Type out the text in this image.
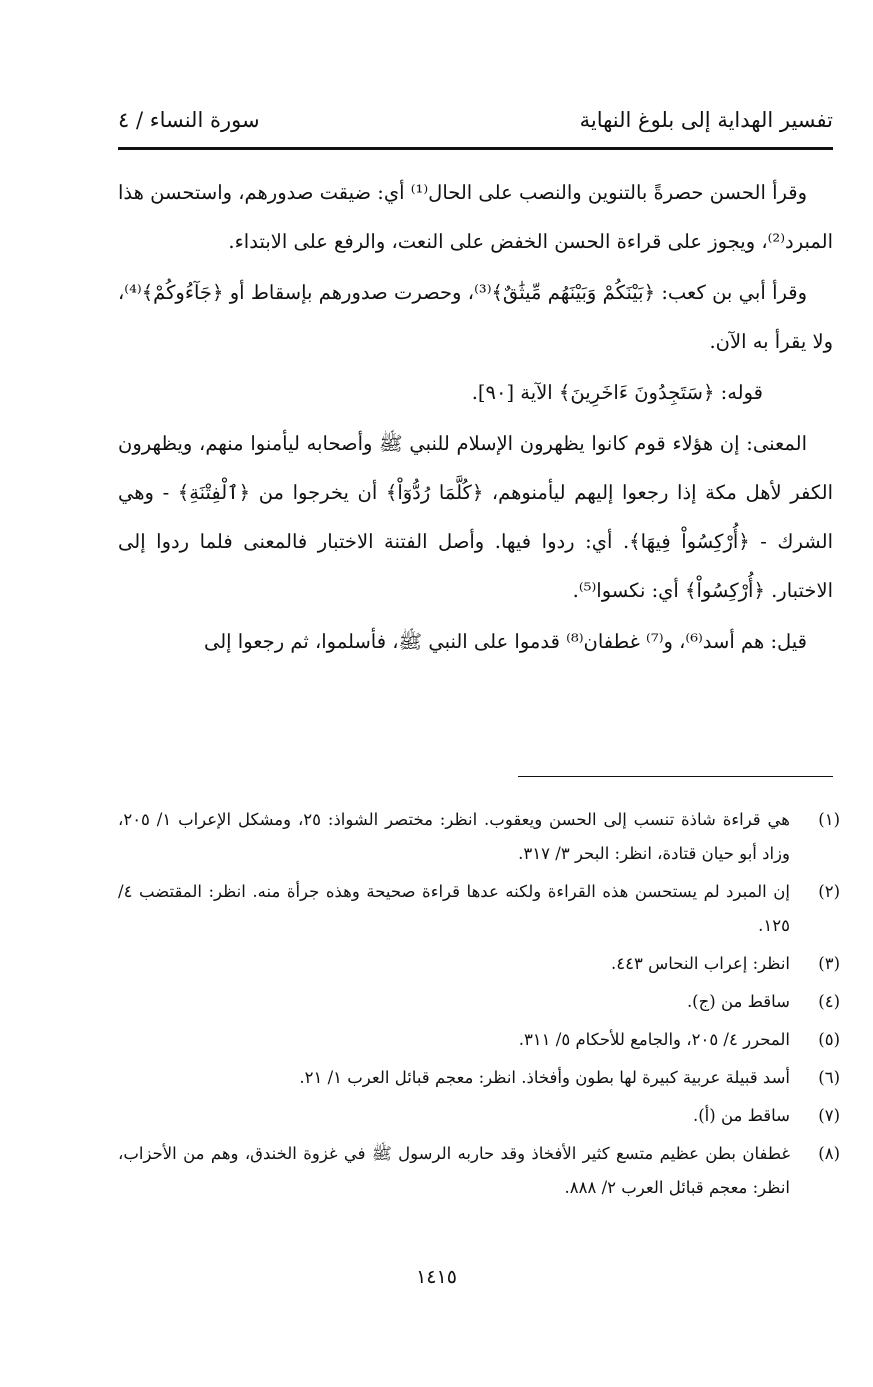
تفسير الهداية إلى بلوغ النهاية
سورة النساء / ٤

وقرأ الحسن حصرةً بالتنوين والنصب على الحال⁽¹⁾ أي: ضيقت صدورهم، واستحسن هذا المبرد⁽²⁾، ويجوز على قراءة الحسن الخفض على النعت، والرفع على الابتداء.

وقرأ أبي بن كعب: ﴿بَيْنَكُمْ وَبَيْنَهُم مِّيثَٰقٌ﴾⁽³⁾، وحصرت صدورهم بإسقاط أو ﴿جَآءُوكُمْ﴾⁽⁴⁾، ولا يقرأ به الآن.

قوله: ﴿سَتَجِدُونَ ءَاخَرِينَ﴾ الآية [٩٠].

المعنى: إن هؤلاء قوم كانوا يظهرون الإسلام للنبي ﷺ وأصحابه ليأمنوا منهم، ويظهرون الكفر لأهل مكة إذا رجعوا إليهم ليأمنوهم، ﴿كُلَّمَا رُدُّوٓاْ﴾ أن يخرجوا من ﴿ٱلْفِتْنَةِ﴾ - وهي الشرك - ﴿أُرْكِسُواْ فِيهَا﴾. أي: ردوا فيها. وأصل الفتنة الاختبار فالمعنى فلما ردوا إلى الاختبار. ﴿أُرْكِسُواْ﴾ أي: نكسوا⁽⁵⁾.

قيل: هم أسد⁽⁶⁾، و⁽⁷⁾ غطفان⁽⁸⁾ قدموا على النبي ﷺ، فأسلموا، ثم رجعوا إلى

(١)
هي قراءة شاذة تنسب إلى الحسن ويعقوب. انظر: مختصر الشواذ: ٢٥، ومشكل الإعراب ١/ ٢٠٥، وزاد أبو حيان قتادة، انظر: البحر ٣/ ٣١٧.
(٢)
إن المبرد لم يستحسن هذه القراءة ولكنه عدها قراءة صحيحة وهذه جرأة منه. انظر: المقتضب ٤/ ١٢٥.
(٣)
انظر: إعراب النحاس ٤٤٣.
(٤)
ساقط من (ج).
(٥)
المحرر ٤/ ٢٠٥، والجامع للأحكام ٥/ ٣١١.
(٦)
أسد قبيلة عربية كبيرة لها بطون وأفخاذ. انظر: معجم قبائل العرب ١/ ٢١.
(٧)
ساقط من (أ).
(٨)
غطفان بطن عظيم متسع كثير الأفخاذ وقد حاربه الرسول ﷺ في غزوة الخندق، وهم من الأحزاب، انظر: معجم قبائل العرب ٢/ ٨٨٨.
١٤١٥
